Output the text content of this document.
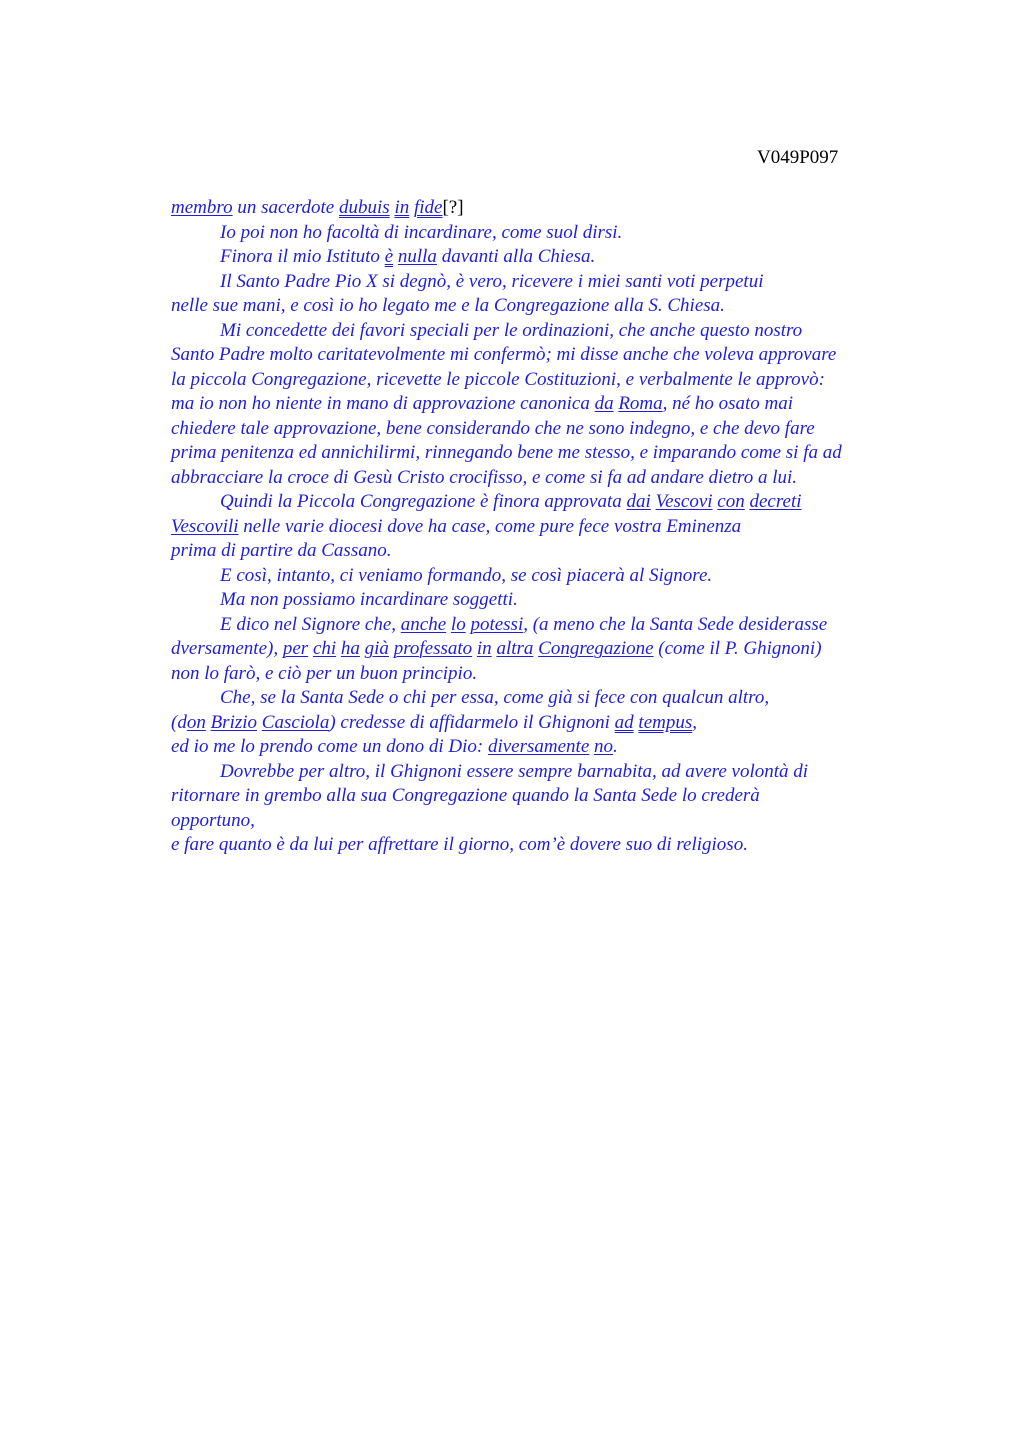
V049P097
membro un sacerdote dubuis in fide[?]
Io poi non ho facoltà di incardinare, come suol dirsi.
Finora il mio Istituto è nulla davanti alla Chiesa.
Il Santo Padre Pio X si degnò, è vero, ricevere i miei santi voti perpetui
nelle sue mani, e così io ho legato me e la Congregazione alla S. Chiesa.
Mi concedette dei favori speciali per le ordinazioni, che anche questo nostro
Santo Padre molto caritatevolmente mi confermò; mi disse anche che voleva approvare
la piccola Congregazione, ricevette le piccole Costituzioni, e verbalmente le approvò:
ma io non ho niente in mano di approvazione canonica da Roma, né ho osato mai
chiedere tale approvazione, bene considerando che ne sono indegno, e che devo fare
prima penitenza ed annichilirmi, rinnegando bene me stesso, e imparando come si fa ad
abbracciare la croce di Gesù Cristo crocifisso, e come si fa ad andare dietro a lui.
Quindi la Piccola Congregazione è finora approvata dai Vescovi con decreti
Vescovili nelle varie diocesi dove ha case, come pure fece vostra Eminenza
prima di partire da Cassano.
E così, intanto, ci veniamo formando, se così piacerà al Signore.
Ma non possiamo incardinare soggetti.
E dico nel Signore che, anche lo potessi, (a meno che la Santa Sede desiderasse
dversamente), per chi ha già professato in altra Congregazione (come il P. Ghignoni)
non lo farò, e ciò per un buon principio.
Che, se la Santa Sede o chi per essa, come già si fece con qualcun altro,
(don Brizio Casciola) credesse di affidarmelo il Ghignoni ad tempus,
ed io me lo prendo come un dono di Dio: diversamente no.
Dovrebbe per altro, il Ghignoni essere sempre barnabita, ad avere volontà di
ritornare in grembo alla sua Congregazione quando la Santa Sede lo crederà
opportuno,
e fare quanto è da lui per affrettare il giorno, com’è dovere suo di religioso.
